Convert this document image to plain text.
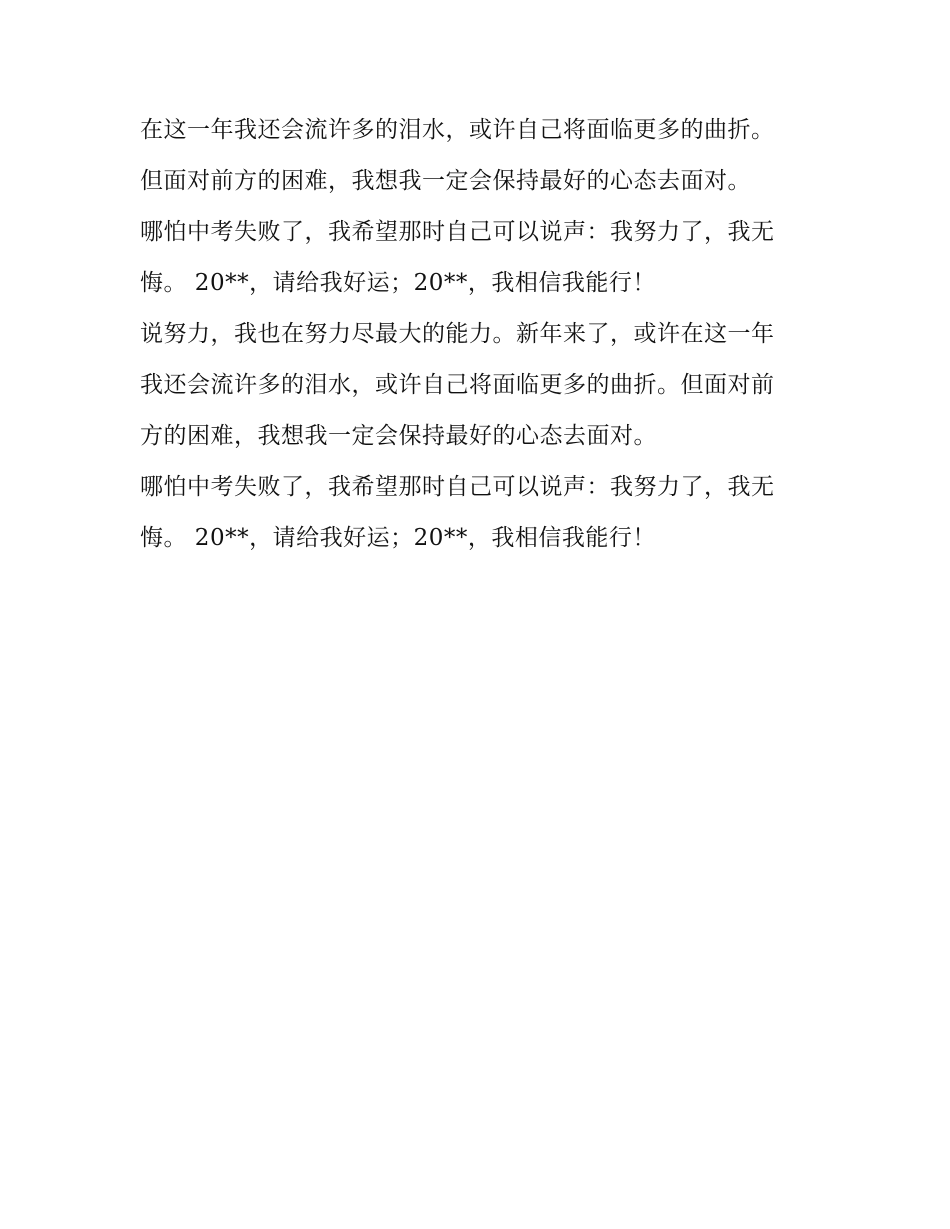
在这一年我还会流许多的泪水，或许自己将面临更多的曲折。
但面对前方的困难，我想我一定会保持最好的心态去面对。
哪怕中考失败了，我希望那时自己可以说声：我努力了，我无
悔。 20**，请给我好运；20**，我相信我能行！
说努力，我也在努力尽最大的能力。新年来了，或许在这一年
我还会流许多的泪水，或许自己将面临更多的曲折。但面对前
方的困难，我想我一定会保持最好的心态去面对。
哪怕中考失败了，我希望那时自己可以说声：我努力了，我无
悔。 20**，请给我好运；20**，我相信我能行！
